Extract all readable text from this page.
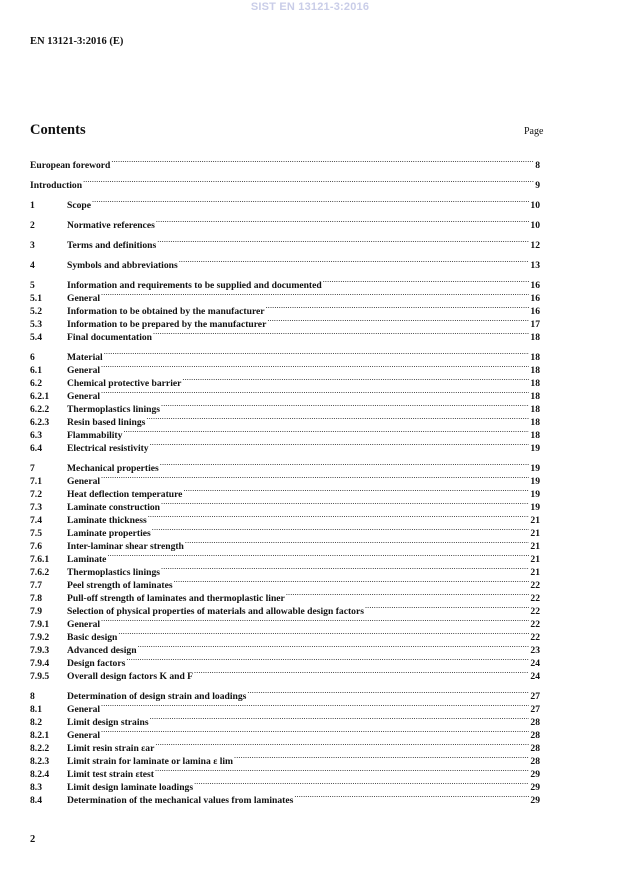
SIST EN 13121-3:2016
EN 13121-3:2016 (E)
Contents	Page
European foreword .....	8
Introduction .....	9
1	Scope .....	10
2	Normative references .....	10
3	Terms and definitions .....	12
4	Symbols and abbreviations .....	13
5	Information and requirements to be supplied and documented .....	16
5.1	General .....	16
5.2	Information to be obtained by the manufacturer .....	16
5.3	Information to be prepared by the manufacturer .....	17
5.4	Final documentation .....	18
6	Material .....	18
6.1	General .....	18
6.2	Chemical protective barrier .....	18
6.2.1	General .....	18
6.2.2	Thermoplastics linings .....	18
6.2.3	Resin based linings .....	18
6.3	Flammability .....	18
6.4	Electrical resistivity .....	19
7	Mechanical properties .....	19
7.1	General .....	19
7.2	Heat deflection temperature .....	19
7.3	Laminate construction .....	19
7.4	Laminate thickness .....	21
7.5	Laminate properties .....	21
7.6	Inter-laminar shear strength .....	21
7.6.1	Laminate .....	21
7.6.2	Thermoplastics linings .....	21
7.7	Peel strength of laminates .....	22
7.8	Pull-off strength of laminates and thermoplastic liner .....	22
7.9	Selection of physical properties of materials and allowable design factors .....	22
7.9.1	General .....	22
7.9.2	Basic design .....	22
7.9.3	Advanced design .....	23
7.9.4	Design factors .....	24
7.9.5	Overall design factors K and F .....	24
8	Determination of design strain and loadings .....	27
8.1	General .....	27
8.2	Limit design strains .....	28
8.2.1	General .....	28
8.2.2	Limit resin strain εar .....	28
8.2.3	Limit strain for laminate or lamina ε lim .....	28
8.2.4	Limit test strain εtest .....	29
8.3	Limit design laminate loadings .....	29
8.4	Determination of the mechanical values from laminates .....	29
2
